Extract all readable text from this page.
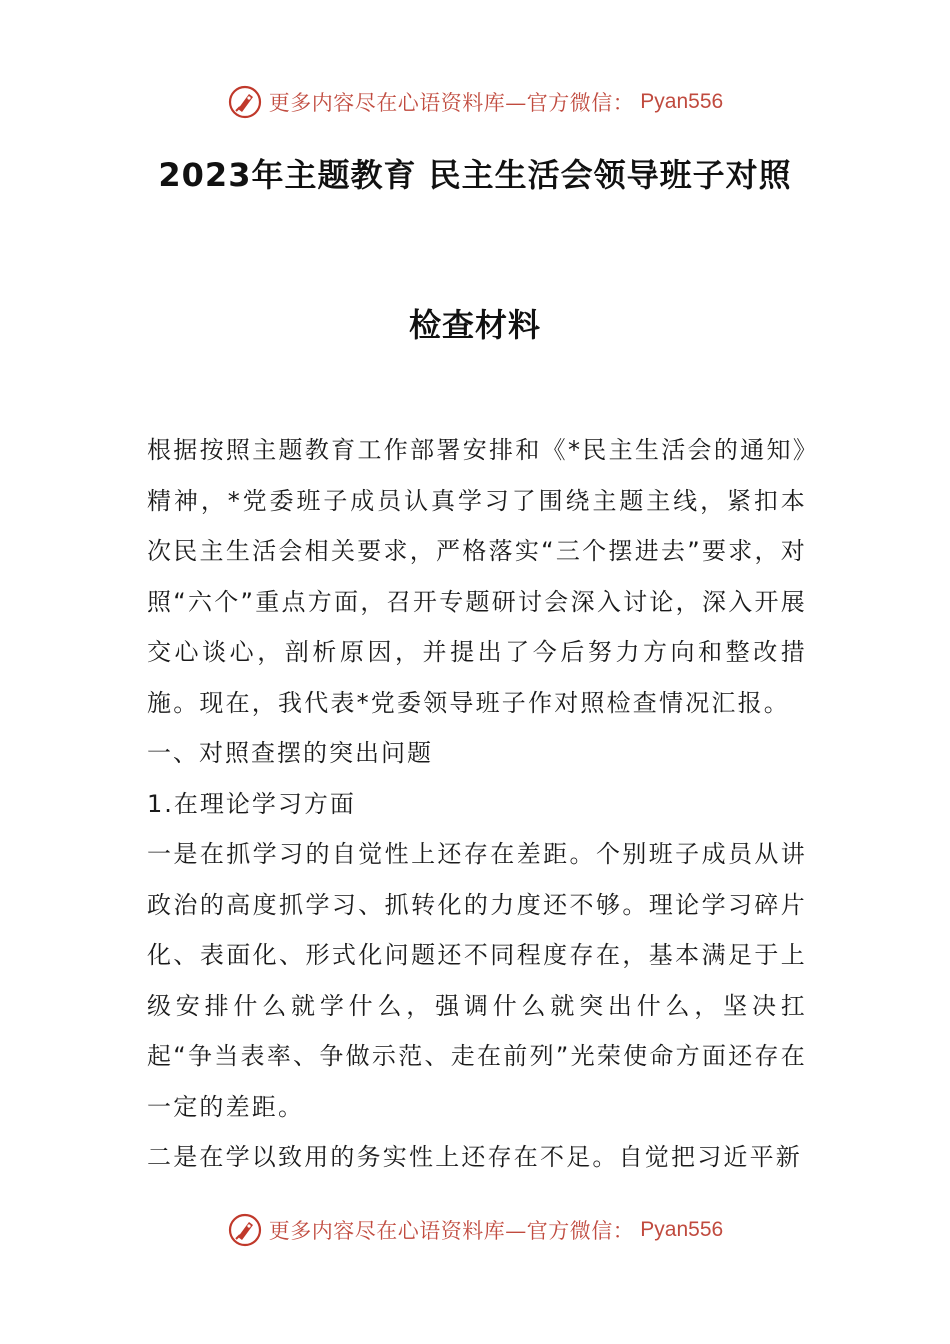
更多内容尽在心语资料库—官方微信： Pyan556
2023年主题教育 民主生活会领导班子对照
检查材料

根据按照主题教育工作部署安排和《*民主生活会的通知》精神，*党委班子成员认真学习了围绕主题主线，紧扣本次民主生活会相关要求，严格落实“三个摆进去”要求，对照“六个”重点方面，召开专题研讨会深入讨论，深入开展交心谈心，剖析原因，并提出了今后努力方向和整改措施。现在，我代表*党委领导班子作对照检查情况汇报。

一、对照查摆的突出问题

1.在理论学习方面

一是在抓学习的自觉性上还存在差距。个别班子成员从讲政治的高度抓学习、抓转化的力度还不够。理论学习碎片化、表面化、形式化问题还不同程度存在，基本满足于上级安排什么就学什么，强调什么就突出什么，坚决扛起“争当表率、争做示范、走在前列”光荣使命方面还存在一定的差距。

二是在学以致用的务实性上还存在不足。自觉把习近平新

更多内容尽在心语资料库—官方微信： Pyan556
